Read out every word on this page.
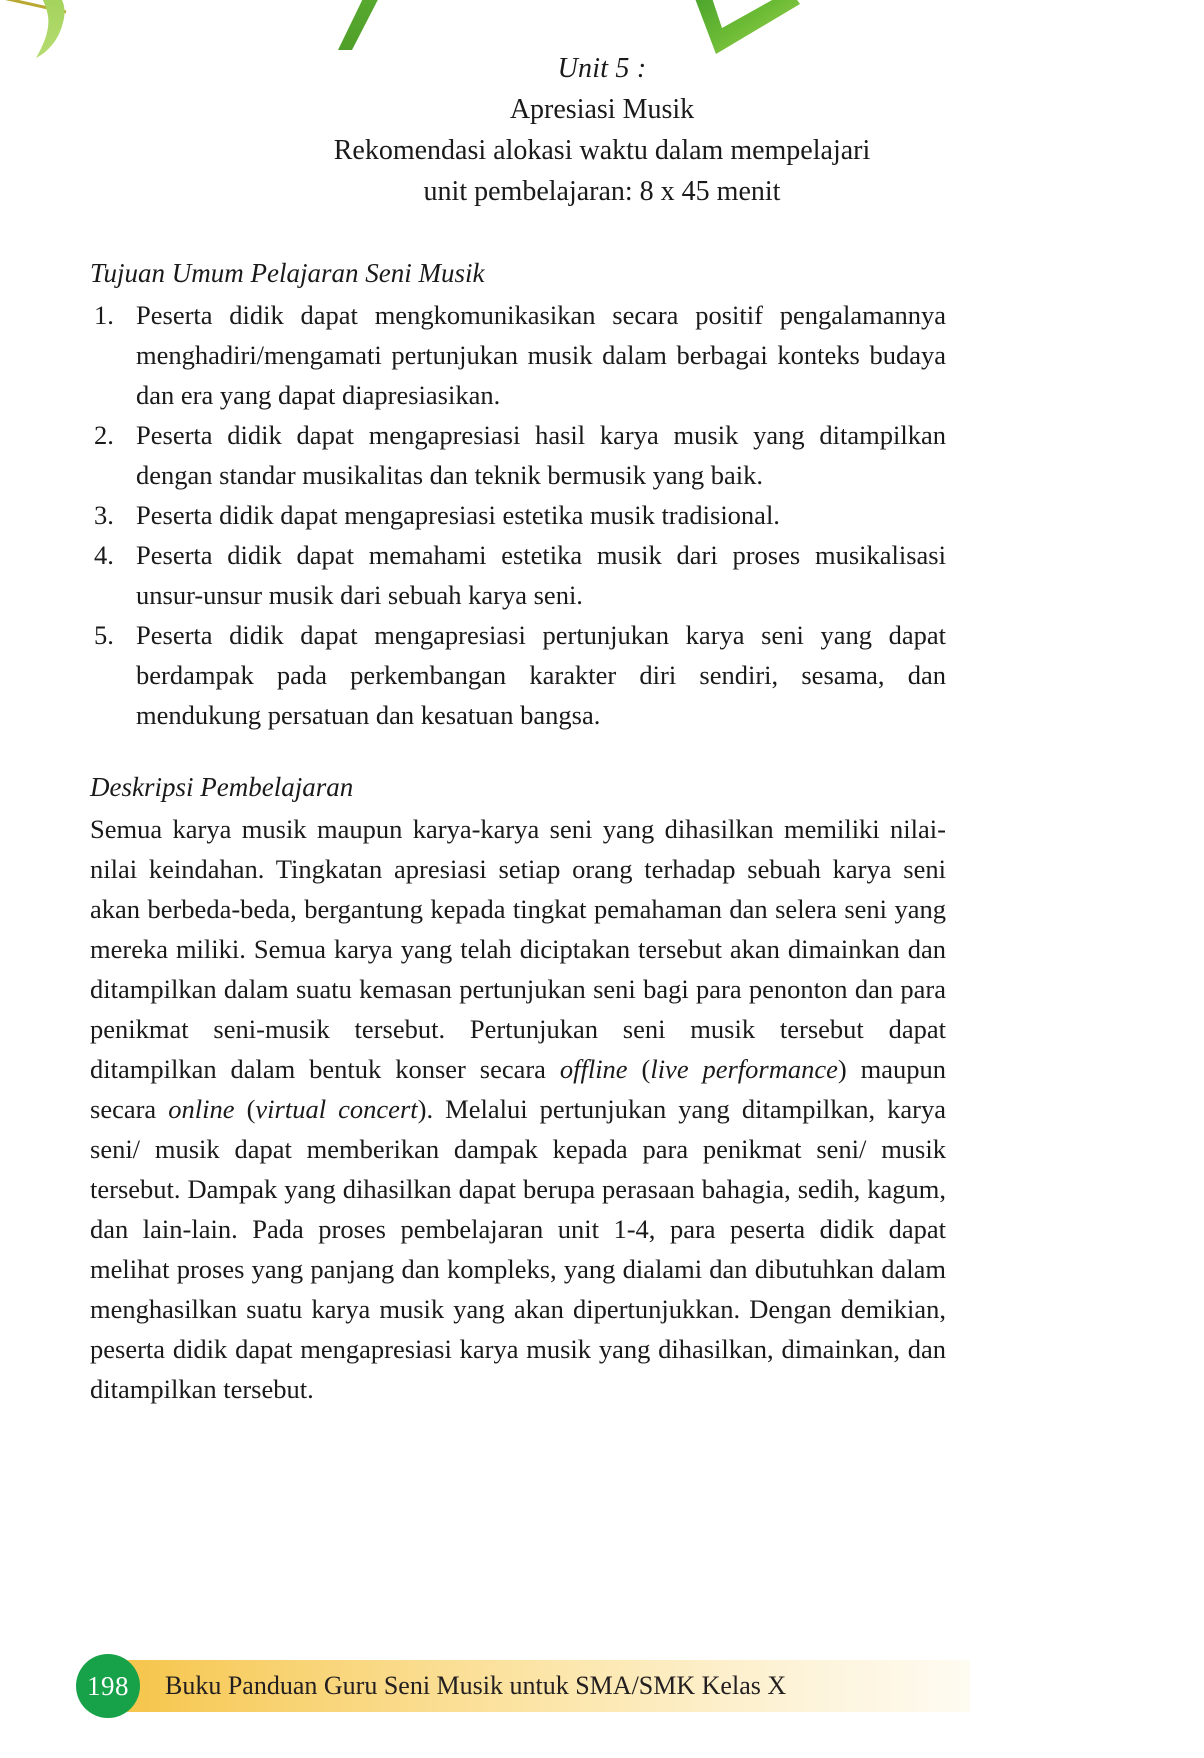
Unit 5 :
Apresiasi Musik
Rekomendasi alokasi waktu dalam mempelajari
unit pembelajaran: 8 x 45 menit
Tujuan Umum Pelajaran Seni Musik
1. Peserta didik dapat mengkomunikasikan secara positif pengalamannya menghadiri/mengamati pertunjukan musik dalam berbagai konteks budaya dan era yang dapat diapresiasikan.
2. Peserta didik dapat mengapresiasi hasil karya musik yang ditampilkan dengan standar musikalitas dan teknik bermusik yang baik.
3. Peserta didik dapat mengapresiasi estetika musik tradisional.
4. Peserta didik dapat memahami estetika musik dari proses musikalisasi unsur-unsur musik dari sebuah karya seni.
5. Peserta didik dapat mengapresiasi pertunjukan karya seni yang dapat berdampak pada perkembangan karakter diri sendiri, sesama, dan mendukung persatuan dan kesatuan bangsa.
Deskripsi Pembelajaran

Semua karya musik maupun karya-karya seni yang dihasilkan memiliki nilai-nilai keindahan. Tingkatan apresiasi setiap orang terhadap sebuah karya seni akan berbeda-beda, bergantung kepada tingkat pemahaman dan selera seni yang mereka miliki. Semua karya yang telah diciptakan tersebut akan dimainkan dan ditampilkan dalam suatu kemasan pertunjukan seni bagi para penonton dan para penikmat seni-musik tersebut. Pertunjukan seni musik tersebut dapat ditampilkan dalam bentuk konser secara offline (live performance) maupun secara online (virtual concert). Melalui pertunjukan yang ditampilkan, karya seni/ musik dapat memberikan dampak kepada para penikmat seni/ musik tersebut. Dampak yang dihasilkan dapat berupa perasaan bahagia, sedih, kagum, dan lain-lain. Pada proses pembelajaran unit 1-4, para peserta didik dapat melihat proses yang panjang dan kompleks, yang dialami dan dibutuhkan dalam menghasilkan suatu karya musik yang akan dipertunjukkan. Dengan demikian, peserta didik dapat mengapresiasi karya musik yang dihasilkan, dimainkan, dan ditampilkan tersebut.

198 Buku Panduan Guru Seni Musik untuk SMA/SMK Kelas X
